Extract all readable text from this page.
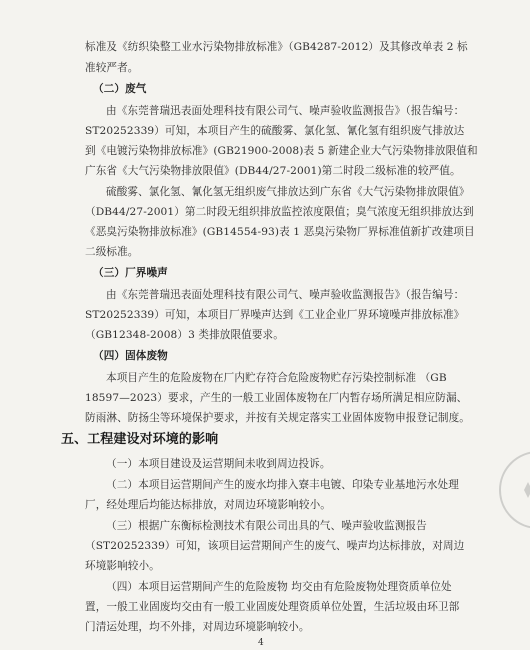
标准及《纺织染整工业水污染物排放标准》（GB4287-2012）及其修改单表 2 标
准较严者。
（二）废气
由《东莞普瑞迅表面处理科技有限公司气、噪声验收监测报告》（报告编号：
ST20252339）可知，本项目产生的硫酸雾、氯化氢、氰化氢有组织废气排放达
到《电镀污染物排放标准》(GB21900-2008)表 5 新建企业大气污染物排放限值和
广东省《大气污染物排放限值》(DB44/27-2001)第二时段二级标准的较严值。
硫酸雾、氯化氢、氰化氢无组织废气排放达到广东省《大气污染物排放限值》
（DB44/27-2001）第二时段无组织排放监控浓度限值；臭气浓度无组织排放达到
《恶臭污染物排放标准》(GB14554-93)表 1 恶臭污染物厂界标准值新扩改建项目
二级标准。
（三）厂界噪声
由《东莞普瑞迅表面处理科技有限公司气、噪声验收监测报告》（报告编号：
ST20252339）可知，本项目厂界噪声达到《工业企业厂界环境噪声排放标准》
（GB12348-2008）3 类排放限值要求。
（四）固体废物
本项目产生的危险废物在厂内贮存符合危险废物贮存污染控制标准 （GB
18597—2023）要求，产生的一般工业固体废物在厂内暂存场所满足相应防漏、
防雨淋、防扬尘等环境保护要求，并按有关规定落实工业固体废物申报登记制度。
五、工程建设对环境的影响
（一）本项目建设及运营期间未收到周边投诉。
（二）本项目运营期间产生的废水均排入寮丰电镀、印染专业基地污水处理
厂，经处理后均能达标排放，对周边环境影响较小。
（三）根据广东衡标检测技术有限公司出具的气、噪声验收监测报告
（ST20252339）可知，该项目运营期间产生的废气、噪声均达标排放，对周边
环境影响较小。
（四）本项目运营期间产生的危险废物 均交由有危险废物处理资质单位处
置，一般工业固废均交由有一般工业固废处理资质单位处置，生活垃圾由环卫部
门清运处理，均不外排，对周边环境影响较小。
4
